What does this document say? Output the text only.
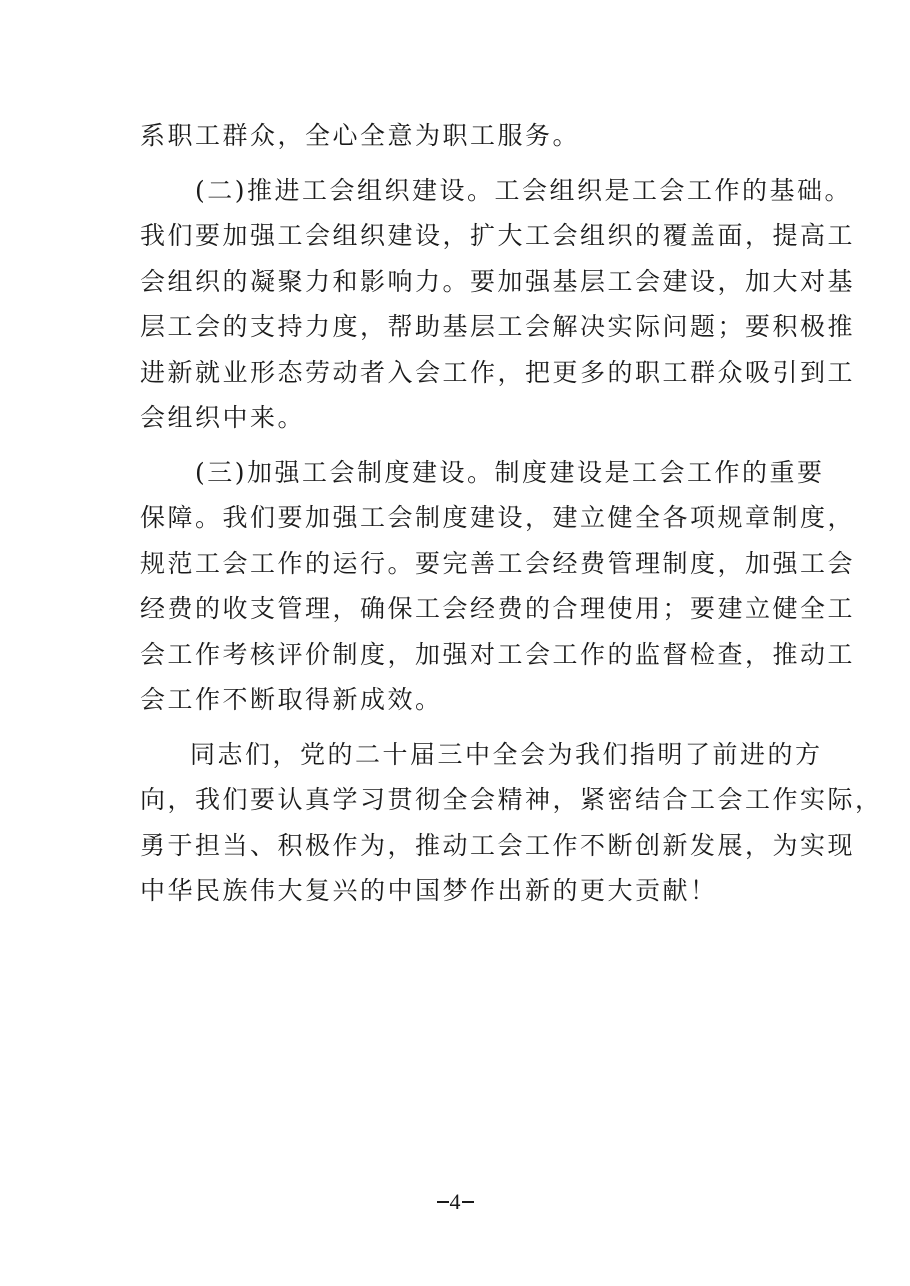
系职工群众，全心全意为职工服务。

(二)推进工会组织建设。工会组织是工会工作的基础。
我们要加强工会组织建设，扩大工会组织的覆盖面，提高工
会组织的凝聚力和影响力。要加强基层工会建设，加大对基
层工会的支持力度，帮助基层工会解决实际问题；要积极推
进新就业形态劳动者入会工作，把更多的职工群众吸引到工
会组织中来。

(三)加强工会制度建设。制度建设是工会工作的重要
保障。我们要加强工会制度建设，建立健全各项规章制度，
规范工会工作的运行。要完善工会经费管理制度，加强工会
经费的收支管理，确保工会经费的合理使用；要建立健全工
会工作考核评价制度，加强对工会工作的监督检查，推动工
会工作不断取得新成效。

同志们，党的二十届三中全会为我们指明了前进的方
向，我们要认真学习贯彻全会精神，紧密结合工会工作实际，
勇于担当、积极作为，推动工会工作不断创新发展，为实现
中华民族伟大复兴的中国梦作出新的更大贡献！

4
